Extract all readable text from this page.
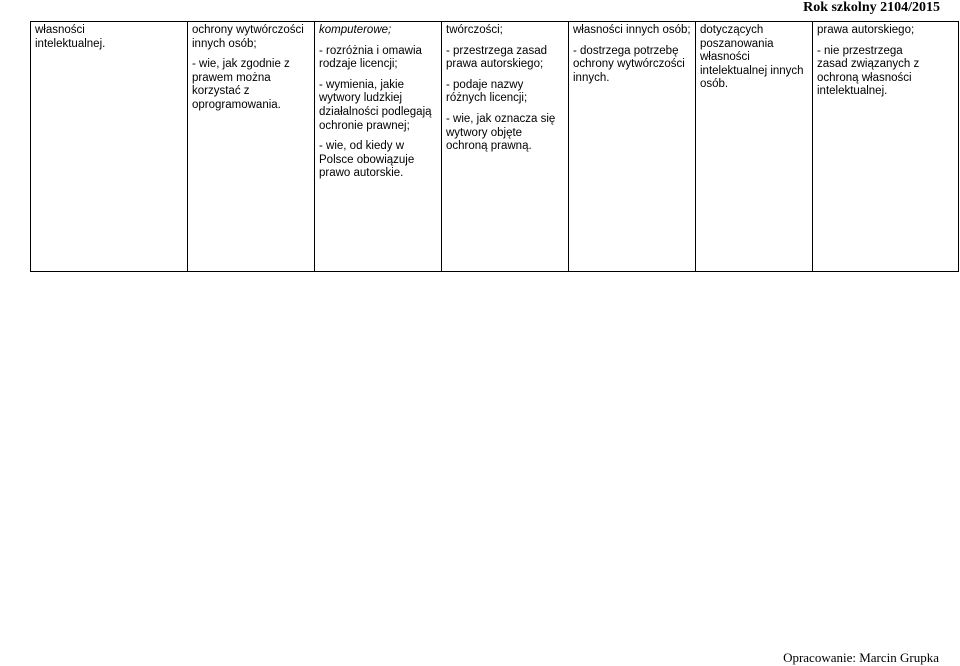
Rok szkolny 2104/2015
własności
intelektualnej.

ochrony wytwórczości
innych osób;
- wie, jak zgodnie z
prawem można
korzystać z
oprogramowania.

komputerowe;
- rozróżnia i omawia
rodzaje licencji;
- wymienia, jakie
wytwory ludzkiej
działalności podlegają
ochronie prawnej;
- wie, od kiedy w
Polsce obowiązuje
prawo autorskie.

twórczości;
- przestrzega zasad
prawa autorskiego;
- podaje nazwy
różnych licencji;
- wie, jak oznacza się
wytwory objęte
ochroną prawną.

własności innych osób;
- dostrzega potrzebę
ochrony wytwórczości
innych.

dotyczących
poszanowania
własności
intelektualnej innych
osób.

prawa autorskiego;
- nie przestrzega
zasad związanych z
ochroną własności
intelektualnej.
Opracowanie: Marcin Grupka
